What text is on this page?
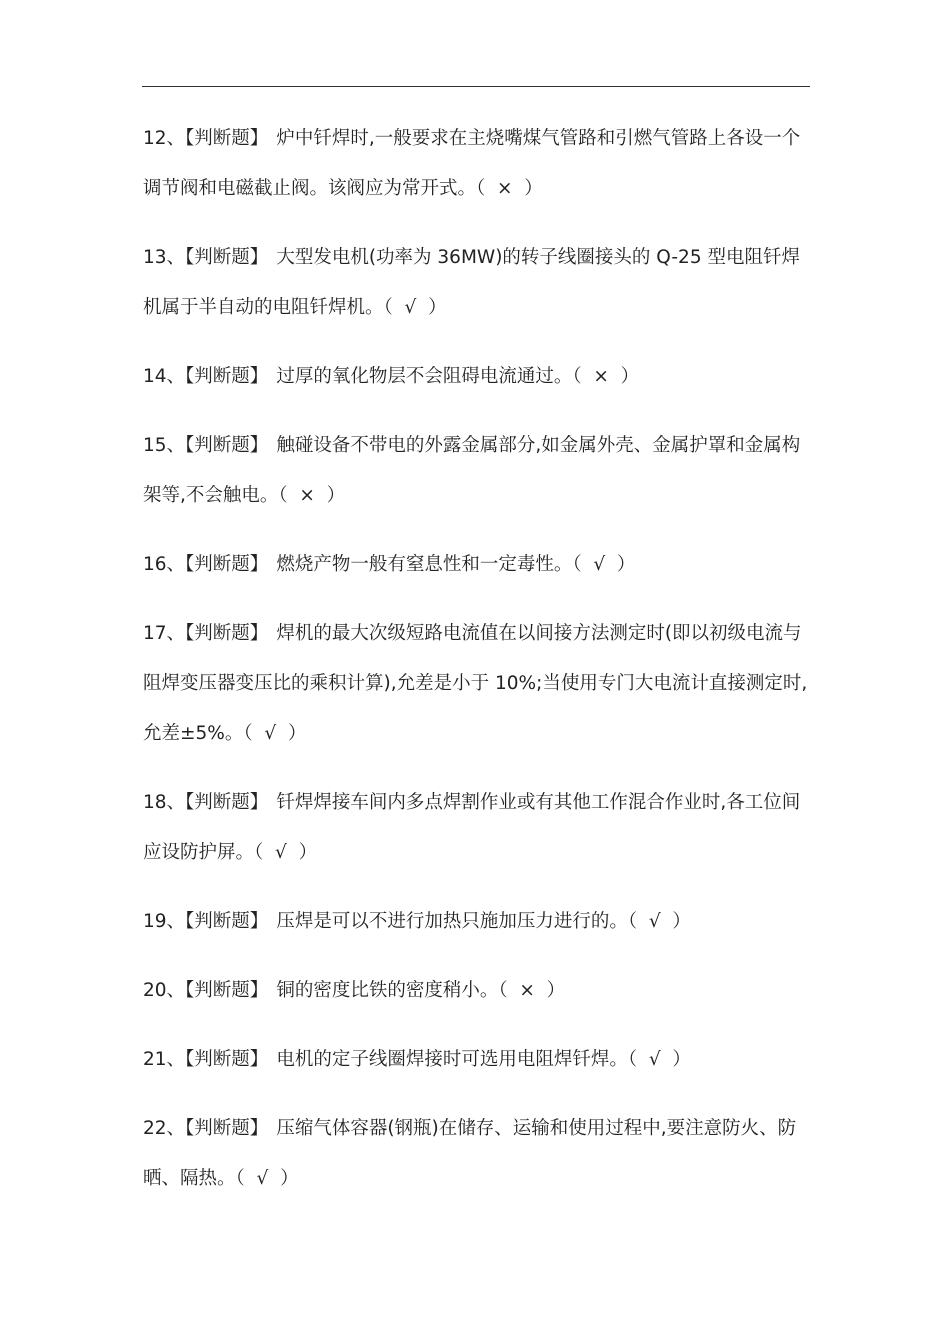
12、【判断题】 炉中钎焊时,一般要求在主烧嘴煤气管路和引燃气管路上各设一个调节阀和电磁截止阀。该阀应为常开式。（  ×  ）
13、【判断题】 大型发电机(功率为 36MW)的转子线圈接头的 Q-25 型电阻钎焊机属于半自动的电阻钎焊机。（  √  ）
14、【判断题】 过厚的氧化物层不会阻碍电流通过。（  ×  ）
15、【判断题】 触碰设备不带电的外露金属部分,如金属外壳、金属护罩和金属构架等,不会触电。（  ×  ）
16、【判断题】 燃烧产物一般有窒息性和一定毒性。（  √  ）
17、【判断题】 焊机的最大次级短路电流值在以间接方法测定时(即以初级电流与阻焊变压器变压比的乘积计算),允差是小于 10%;当使用专门大电流计直接测定时,允差±5%。（  √  ）
18、【判断题】 钎焊焊接车间内多点焊割作业或有其他工作混合作业时,各工位间应设防护屏。（  √  ）
19、【判断题】 压焊是可以不进行加热只施加压力进行的。（  √  ）
20、【判断题】 铜的密度比铁的密度稍小。（  ×  ）
21、【判断题】 电机的定子线圈焊接时可选用电阻焊钎焊。（  √  ）
22、【判断题】 压缩气体容器(钢瓶)在储存、运输和使用过程中,要注意防火、防晒、隔热。（  √  ）
